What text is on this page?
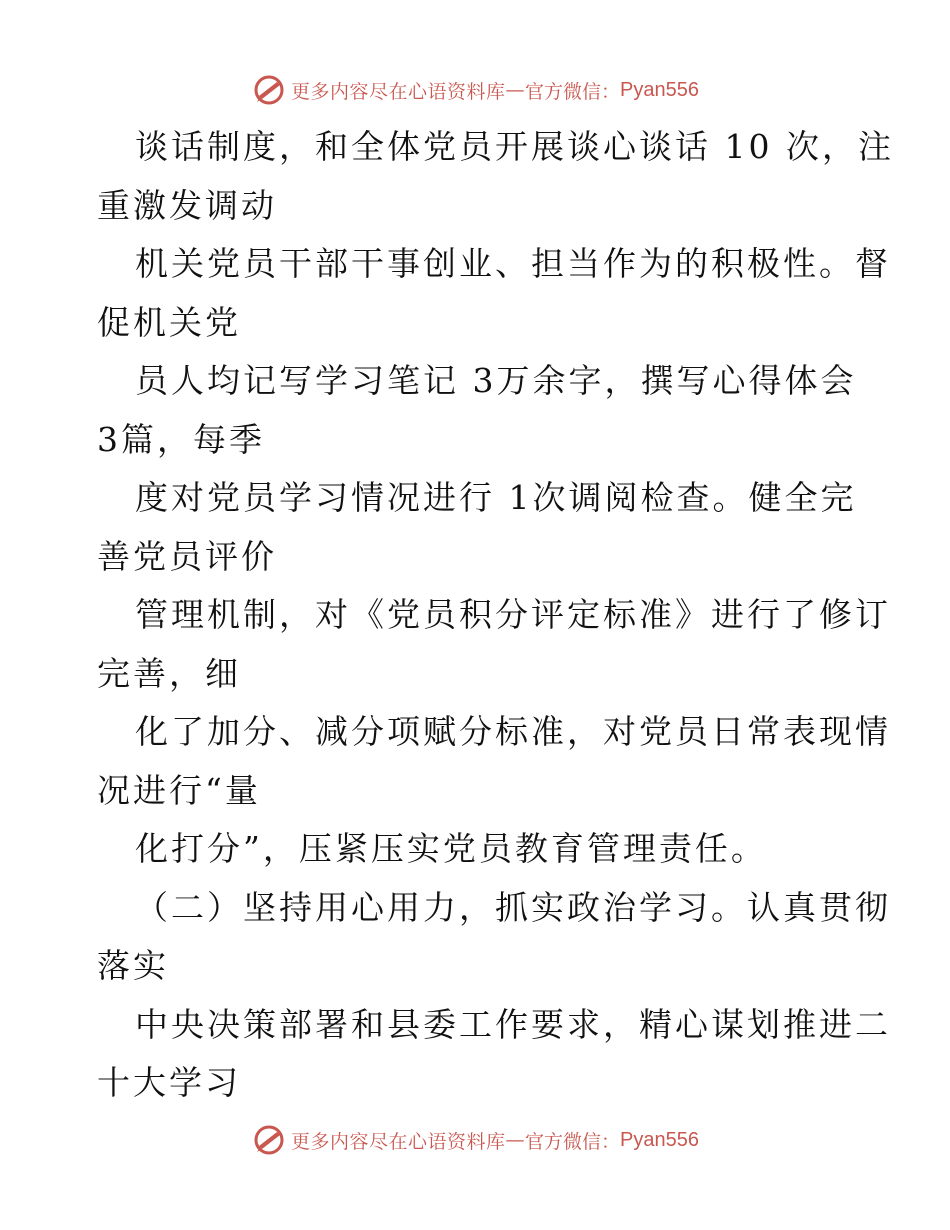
更多内容尽在心语资料库 — 官方微信： Pyan556
谈话制度，和全体党员开展谈心谈话 10 次，注
重激发调动
机关党员干部干事创业、担当作为的积极性。督
促机关党
员人均记写学习笔记 3万余字，撰写心得体会
3篇，每季
度对党员学习情况进行 1次调阅检查。健全完
善党员评价
管理机制，对《党员积分评定标准》进行了修订
完善，细
化了加分、减分项赋分标准，对党员日常表现情
况进行“量
化打分”，压紧压实党员教育管理责任。
（二）坚持用心用力，抓实政治学习。认真贯彻
落实
中央决策部署和县委工作要求，精心谋划推进二
十大学习
更多内容尽在心语资料库 — 官方微信： Pyan556
